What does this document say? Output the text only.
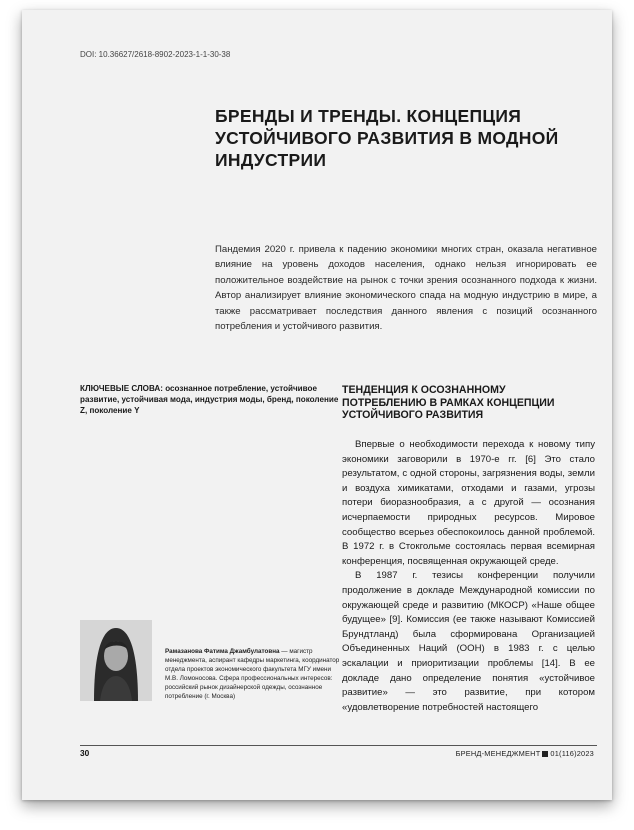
DOI: 10.36627/2618-8902-2023-1-1-30-38
БРЕНДЫ И ТРЕНДЫ. КОНЦЕПЦИЯ УСТОЙЧИВОГО РАЗВИТИЯ В МОДНОЙ ИНДУСТРИИ

Пандемия 2020 г. привела к падению экономики многих стран, оказала негативное влияние на уровень доходов населения, однако нельзя игнорировать ее положительное воздействие на рынок с точки зрения осознанного подхода к жизни. Автор анализирует влияние экономического спада на модную индустрию в мире, а также рассматривает последствия данного явления с позиций осознанного потребления и устойчивого развития.

КЛЮЧЕВЫЕ СЛОВА: осознанное потребление, устойчивое развитие, устойчивая мода, индустрия моды, бренд, поколение Z, поколение Y

ТЕНДЕНЦИЯ К ОСОЗНАННОМУ ПОТРЕБЛЕНИЮ В РАМКАХ КОНЦЕПЦИИ УСТОЙЧИВОГО РАЗВИТИЯ

Впервые о необходимости перехода к новому типу экономики заговорили в 1970-е гг. [6] Это стало результатом, с одной стороны, загрязнения воды, земли и воздуха химикатами, отходами и газами, угрозы потери биоразнообразия, а с другой — осознания исчерпаемости природных ресурсов. Мировое сообщество всерьез обеспокоилось данной проблемой. В 1972 г. в Стокгольме состоялась первая всемирная конференция, посвященная окружающей среде.

В 1987 г. тезисы конференции получили продолжение в докладе Международной комиссии по окружающей среде и развитию (МКОСР) «Наше общее будущее» [9]. Комиссия (ее также называют Комиссией Брундтланд) была сформирована Организацией Объединенных Наций (ООН) в 1983 г. с целью эскалации и приоритизации проблемы [14]. В ее докладе дано определение понятия «устойчивое развитие» — это развитие, при котором «удовлетворение потребностей настоящего

Рамазанова Фатима Джамбулатовна — магистр менеджмента, аспирант кафедры маркетинга, координатор отдела проектов экономического факультета МГУ имени М.В. Ломоносова. Сфера профессиональных интересов: российский рынок дизайнерской одежды, осознанное потребление (г. Москва)

30	БРЕНД-МЕНЕДЖМЕНТ 01(116)2023
